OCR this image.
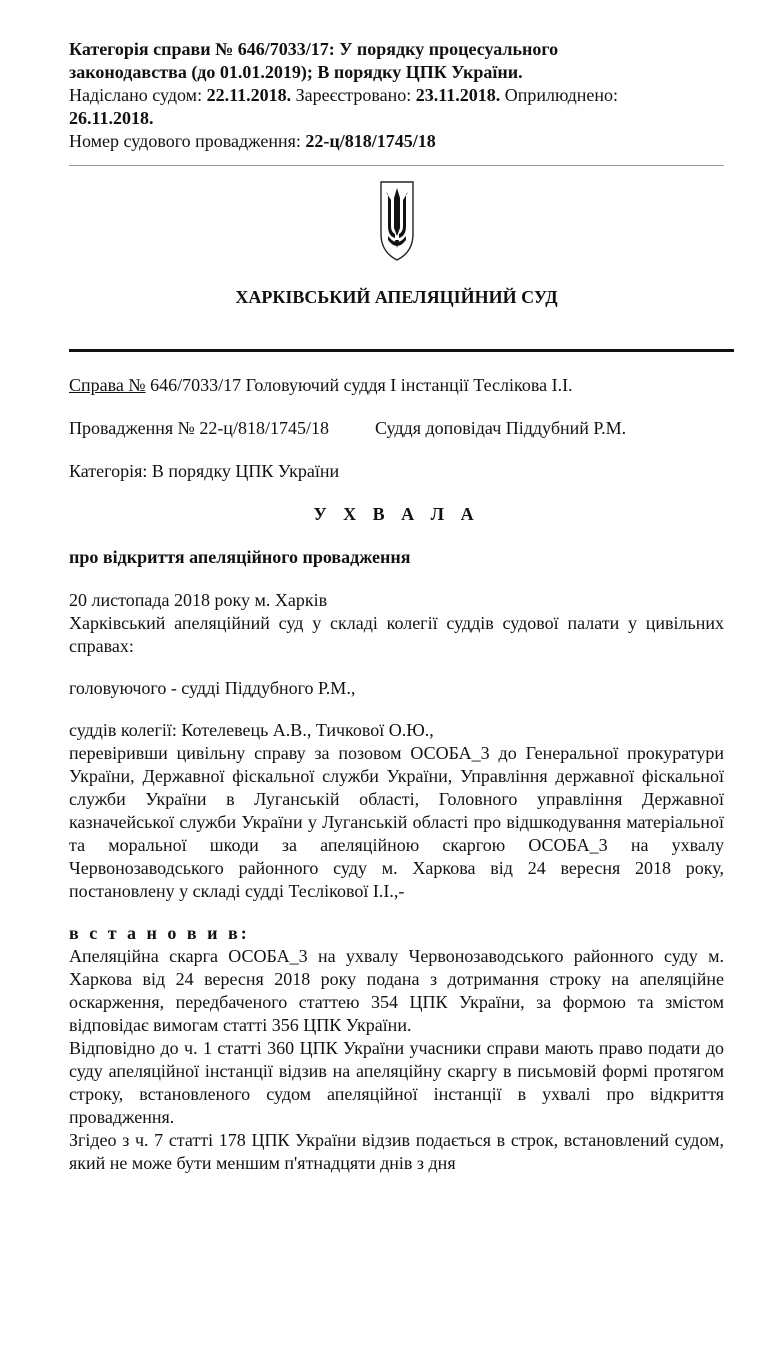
Категорія справи № 646/7033/17: У порядку процесуального

законодавства (до 01.01.2019); В порядку ЦПК України.

Надіслано судом: 22.11.2018. Зареєстровано: 23.11.2018. Оприлюднено:

26.11.2018.

Номер судового провадження: 22-ц/818/1745/18

ХАРКІВСЬКИЙ АПЕЛЯЦІЙНИЙ СУД

Справа № 646/7033/17 Головуючий суддя І інстанції Теслікова І.І.

Провадження № 22-ц/818/1745/18	Суддя доповідач Піддубний Р.М.

Категорія: В порядку ЦПК України

У Х В А Л А

про відкриття апеляційного провадження

20 листопада 2018 року м. Харків

Харківський апеляційний суд у складі колегії суддів судової палати у цивільних справах:

головуючого - судді Піддубного Р.М.,

суддів колегії: Котелевець А.В., Тичкової О.Ю.,

перевіривши цивільну справу за позовом ОСОБА_3 до Генеральної прокуратури України, Державної фіскальної служби України, Управління державної фіскальної служби України в Луганській області, Головного управління Державної казначейської служби України у Луганській області про відшкодування матеріальної та моральної шкоди за апеляційною скаргою ОСОБА_3 на ухвалу Червонозаводського районного суду м. Харкова від 24 вересня 2018 року, постановлену у складі судді Теслікової І.І.,-

в с т а н о в и в:

Апеляційна скарга ОСОБА_3 на ухвалу Червонозаводського районного суду м. Харкова від 24 вересня 2018 року подана з дотримання строку на апеляційне оскарження, передбаченого статтею 354 ЦПК України, за формою та змістом відповідає вимогам статті 356 ЦПК України.

Відповідно до ч. 1 статті 360 ЦПК України учасники справи мають право подати до суду апеляційної інстанції відзив на апеляційну скаргу в письмовій формі протягом строку, встановленого судом апеляційної інстанції в ухвалі про відкриття провадження.

Згідео з ч. 7 статті 178 ЦПК України відзив подається в строк, встановлений судом, який не може бути меншим п'ятнадцяти днів з дня
